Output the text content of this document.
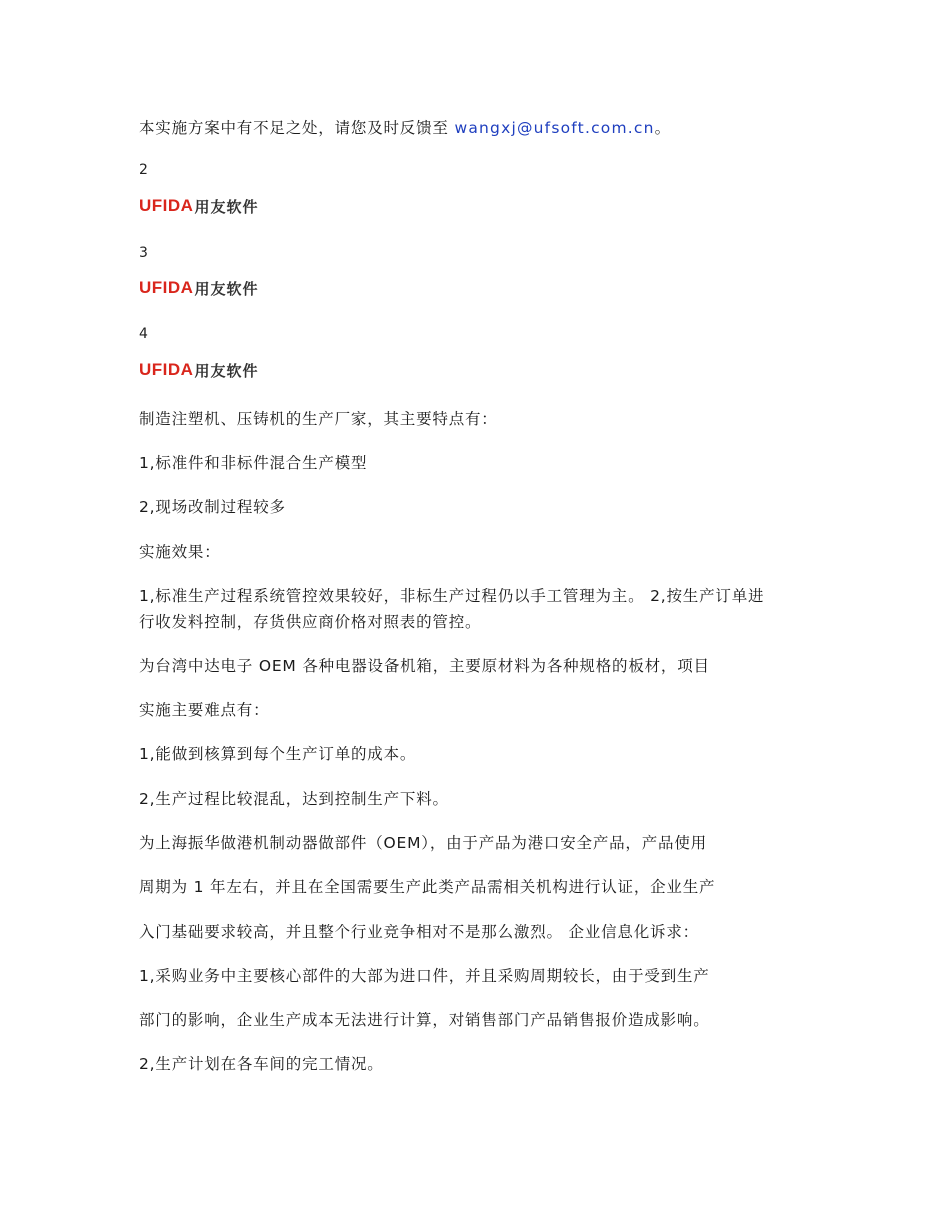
本实施方案中有不足之处，请您及时反馈至 wangxj@ufsoft.com.cn。
2
UFIDA 用友软件
3
UFIDA 用友软件
4
UFIDA 用友软件
制造注塑机、压铸机的生产厂家，其主要特点有：
1,标准件和非标件混合生产模型
2,现场改制过程较多
实施效果：
1,标准生产过程系统管控效果较好，非标生产过程仍以手工管理为主。 2,按生产订单进
行收发料控制，存货供应商价格对照表的管控。
为台湾中达电子 OEM 各种电器设备机箱，主要原材料为各种规格的板材，项目
实施主要难点有：
1,能做到核算到每个生产订单的成本。
2,生产过程比较混乱，达到控制生产下料。
为上海振华做港机制动器做部件（OEM），由于产品为港口安全产品，产品使用
周期为 1 年左右，并且在全国需要生产此类产品需相关机构进行认证，企业生产
入门基础要求较高，并且整个行业竞争相对不是那么激烈。 企业信息化诉求：
1,采购业务中主要核心部件的大部为进口件，并且采购周期较长，由于受到生产
部门的影响，企业生产成本无法进行计算，对销售部门产品销售报价造成影响。
2,生产计划在各车间的完工情况。
